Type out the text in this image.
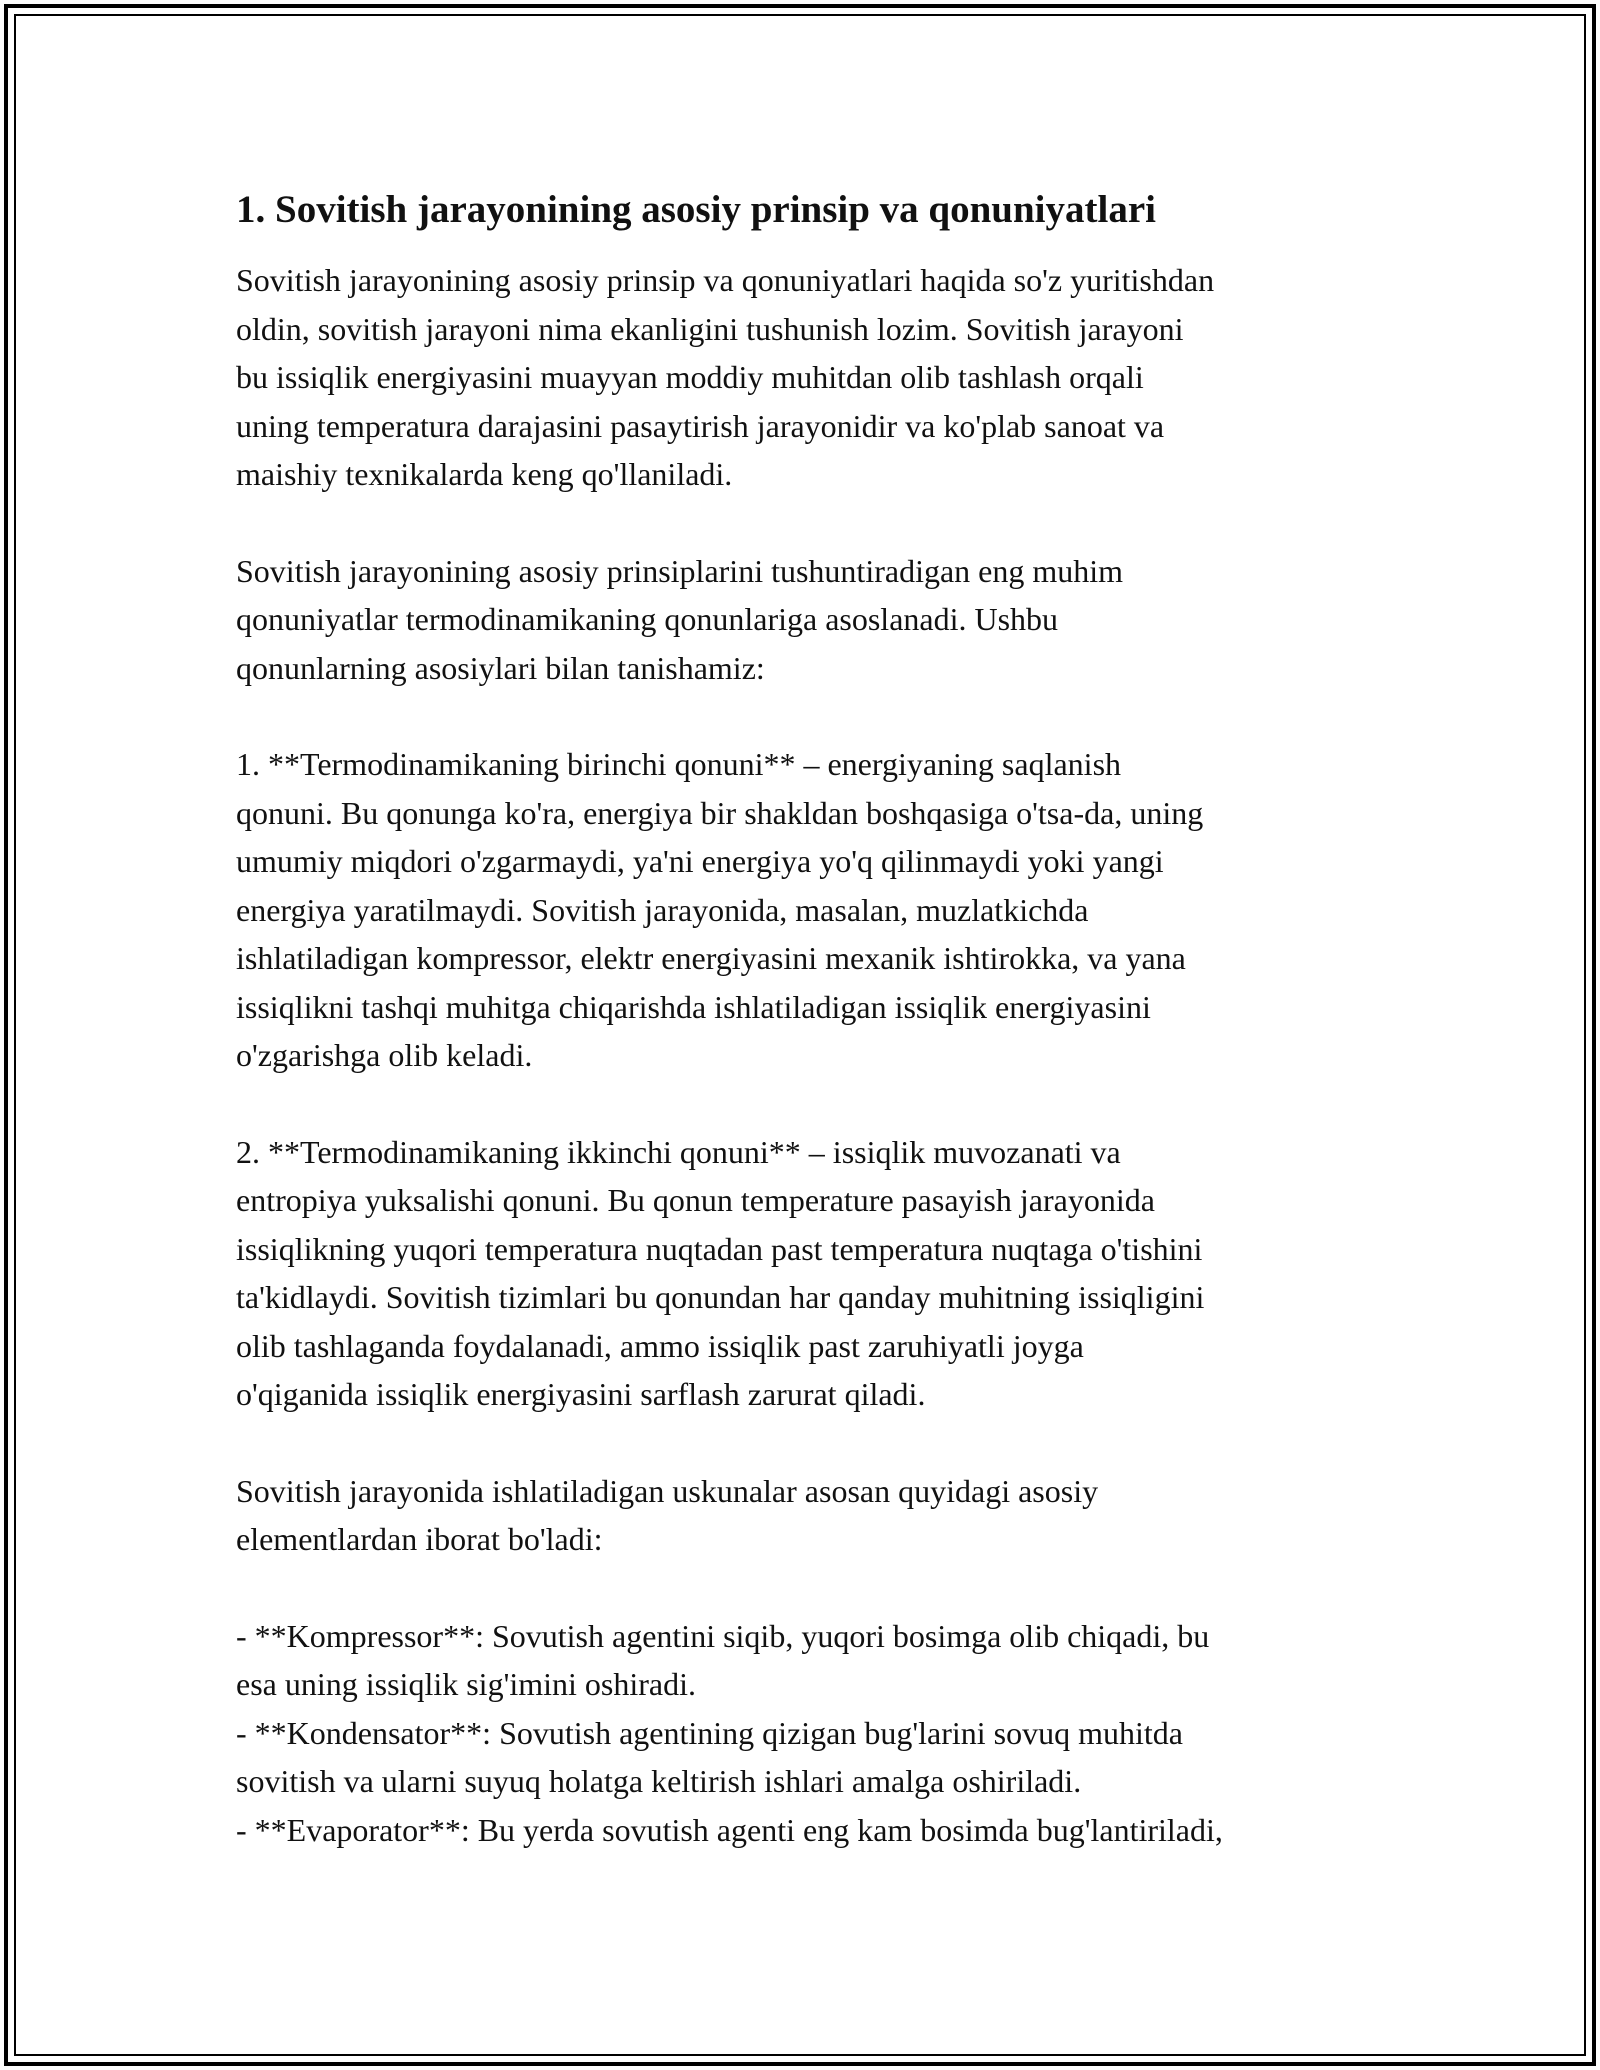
1. Sovitish jarayonining asosiy prinsip va qonuniyatlari
Sovitish jarayonining asosiy prinsip va qonuniyatlari haqida so'z yuritishdan
oldin, sovitish jarayoni nima ekanligini tushunish lozim. Sovitish jarayoni
bu issiqlik energiyasini muayyan moddiy muhitdan olib tashlash orqali
uning temperatura darajasini pasaytirish jarayonidir va ko'plab sanoat va
maishiy texnikalarda keng qo'llaniladi.
Sovitish jarayonining asosiy prinsiplarini tushuntiradigan eng muhim
qonuniyatlar termodinamikaning qonunlariga asoslanadi. Ushbu
qonunlarning asosiylari bilan tanishamiz:
1. **Termodinamikaning birinchi qonuni** – energiyaning saqlanish
qonuni. Bu qonunga ko'ra, energiya bir shakldan boshqasiga o'tsa-da, uning
umumiy miqdori o'zgarmaydi, ya'ni energiya yo'q qilinmaydi yoki yangi
energiya yaratilmaydi. Sovitish jarayonida, masalan, muzlatkichda
ishlatiladigan kompressor, elektr energiyasini mexanik ishtirokka, va yana
issiqlikni tashqi muhitga chiqarishda ishlatiladigan issiqlik energiyasini
o'zgarishga olib keladi.
2. **Termodinamikaning ikkinchi qonuni** – issiqlik muvozanati va
entropiya yuksalishi qonuni. Bu qonun temperature pasayish jarayonida
issiqlikning yuqori temperatura nuqtadan past temperatura nuqtaga o'tishini
ta'kidlaydi. Sovitish tizimlari bu qonundan har qanday muhitning issiqligini
olib tashlaganda foydalanadi, ammo issiqlik past zaruhiyatli joyga
o'qiganida issiqlik energiyasini sarflash zarurat qiladi.
Sovitish jarayonida ishlatiladigan uskunalar asosan quyidagi asosiy
elementlardan iborat bo'ladi:
- **Kompressor**: Sovutish agentini siqib, yuqori bosimga olib chiqadi, bu
esa uning issiqlik sig'imini oshiradi.
- **Kondensator**: Sovutish agentining qizigan bug'larini sovuq muhitda
sovitish va ularni suyuq holatga keltirish ishlari amalga oshiriladi.
- **Evaporator**: Bu yerda sovutish agenti eng kam bosimda bug'lantiriladi,
